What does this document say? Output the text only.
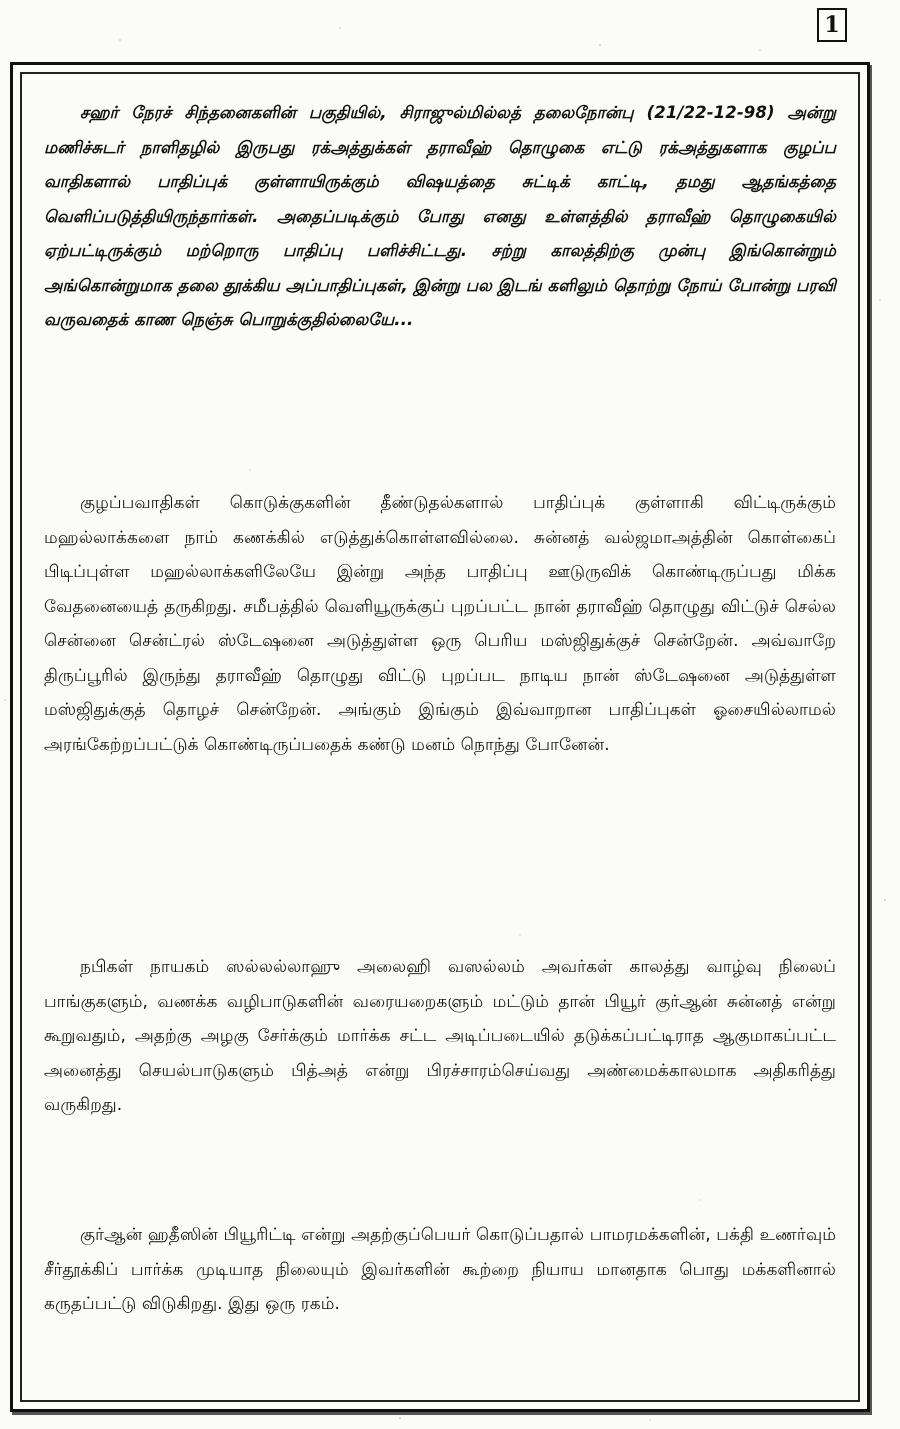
1

சஹர் நேரச் சிந்தனைகளின் பகுதியில், சிராஜுல்மில்லத் தலைநோன்பு (21/22-12-98) அன்று மணிச்சுடர் நாளிதழில் இருபது ரக்அத்துக்கள் தராவீஹ் தொழுகை எட்டு ரக்அத்துகளாக குழப்ப வாதிகளால் பாதிப்புக் குள்ளாயிருக்கும் விஷயத்தை சுட்டிக் காட்டி, தமது ஆதங்கத்தை வெளிப்படுத்தியிருந்தார்கள். அதைப்படிக்கும் போது எனது உள்ளத்தில் தராவீஹ் தொழுகையில் ஏற்பட்டிருக்கும் மற்றொரு பாதிப்பு பளிச்சிட்டது. சற்று காலத்திற்கு முன்பு இங்கொன்றும் அங்கொன்றுமாக தலை தூக்கிய அப்பாதிப்புகள், இன்று பல இடங் களிலும் தொற்று நோய் போன்று பரவி வருவதைக் காண நெஞ்சு பொறுக்குதில்லையே...

குழப்பவாதிகள் கொடுக்குகளின் தீண்டுதல்களால் பாதிப்புக் குள்ளாகி விட்டிருக்கும் மஹல்லாக்களை நாம் கணக்கில் எடுத்துக்கொள்ளவில்லை. சுன்னத் வல்ஜமாஅத்தின் கொள்கைப் பிடிப்புள்ள மஹல்லாக்களிலேயே இன்று அந்த பாதிப்பு ஊடுருவிக் கொண்டிருப்பது மிக்க வேதனையைத் தருகிறது. சமீபத்தில் வெளியூருக்குப் புறப்பட்ட நான் தராவீஹ் தொழுது விட்டுச் செல்ல சென்னை சென்ட்ரல் ஸ்டேஷனை அடுத்துள்ள ஒரு பெரிய மஸ்ஜிதுக்குச் சென்றேன். அவ்வாறே திருப்பூரில் இருந்து தராவீஹ் தொழுது விட்டு புறப்பட நாடிய நான் ஸ்டேஷனை அடுத்துள்ள மஸ்ஜிதுக்குத் தொழச் சென்றேன். அங்கும் இங்கும் இவ்வாறான பாதிப்புகள் ஓசையில்லாமல் அரங்கேற்றப்பட்டுக் கொண்டிருப்பதைக் கண்டு மனம் நொந்து போனேன்.

நபிகள் நாயகம் ஸல்லல்லாஹு அலைஹி வஸல்லம் அவர்கள் காலத்து வாழ்வு நிலைப் பாங்குகளும், வணக்க வழிபாடுகளின் வரையறைகளும் மட்டும் தான் பியூர் குர்ஆன் சுன்னத் என்று கூறுவதும், அதற்கு அழகு சேர்க்கும் மார்க்க சட்ட அடிப்படையில் தடுக்கப்பட்டிராத ஆகுமாகப்பட்ட அனைத்து செயல்பாடுகளும் பித்அத் என்று பிரச்சாரம்செய்வது அண்மைக்காலமாக அதிகரித்து வருகிறது.

குர்ஆன் ஹதீஸின் பியூரிட்டி என்று அதற்குப்பெயர் கொடுப்பதால் பாமரமக்களின், பக்தி உணர்வும் சீர்தூக்கிப் பார்க்க முடியாத நிலையும் இவர்களின் கூற்றை நியாய மானதாக பொது மக்களினால் கருதப்பட்டு விடுகிறது. இது ஒரு ரகம்.
